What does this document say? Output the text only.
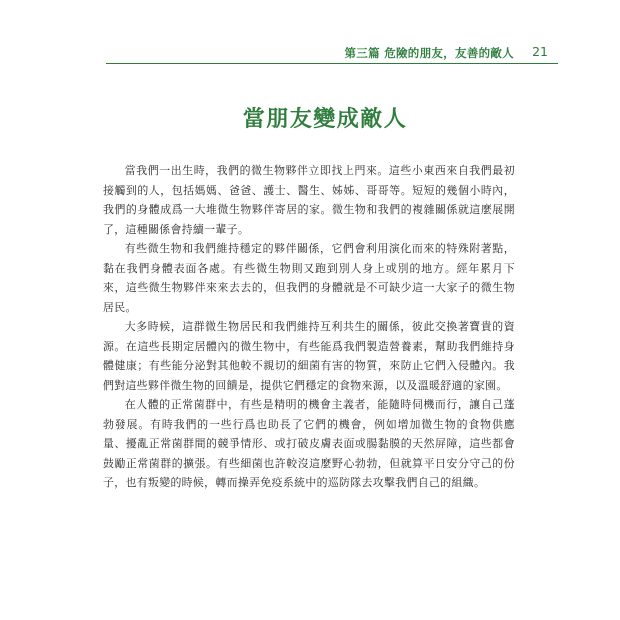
第三篇 危險的朋友，友善的敵人 21
當朋友變成敵人

當我們一出生時，我們的微生物夥伴立即找上門來。這些小東西來自我們最初接觸到的人，包括媽媽、爸爸、護士、醫生、姊姊、哥哥等。短短的幾個小時內，我們的身體成爲一大堆微生物夥伴寄居的家。微生物和我們的複雜關係就這麼展開了，這種關係會持續一輩子。

有些微生物和我們維持穩定的夥伴關係，它們會利用演化而來的特殊附著點，黏在我們身體表面各處。有些微生物則又跑到別人身上或別的地方。經年累月下來，這些微生物夥伴來來去去的，但我們的身體就是不可缺少這一大家子的微生物居民。

大多時候，這群微生物居民和我們維持互利共生的關係，彼此交換著寶貴的資源。在這些長期定居體內的微生物中，有些能爲我們製造營養素，幫助我們維持身體健康；有些能分泌對其他較不親切的細菌有害的物質，來防止它們入侵體內。我們對這些夥伴微生物的回饋是，提供它們穩定的食物來源，以及溫暖舒適的家園。

在人體的正常菌群中，有些是精明的機會主義者，能隨時伺機而行，讓自己蓬勃發展。有時我們的一些行爲也助長了它們的機會，例如增加微生物的食物供應量、擾亂正常菌群間的競爭情形、或打破皮膚表面或腸黏膜的天然屏障，這些都會鼓勵正常菌群的擴張。有些細菌也許較沒這麼野心勃勃，但就算平日安分守己的份子，也有叛變的時候，轉而操弄免疫系統中的巡防隊去攻擊我們自己的組織。
